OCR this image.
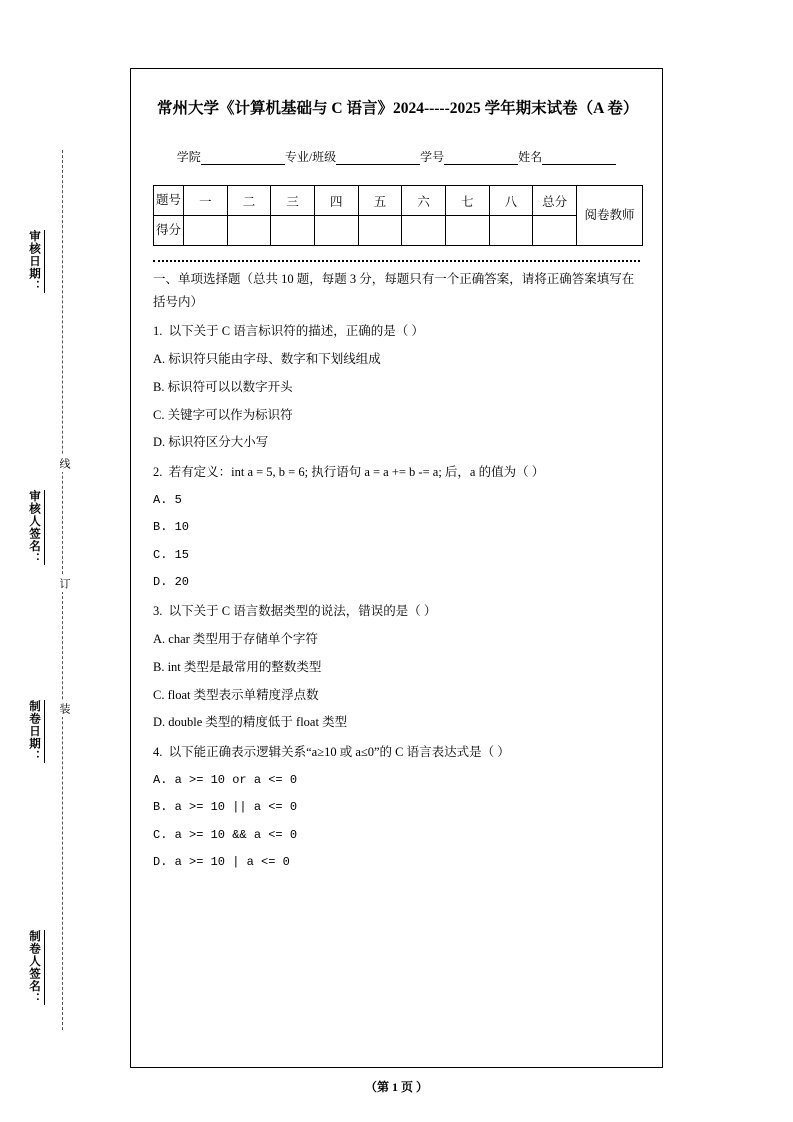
审核日期：
审核人签名：
制卷日期：
制卷人签名：
线
订
装
常州大学《计算机基础与 C 语言》2024-----2025 学年期末试卷（A 卷）
学院	专业/班级	学号	姓名
题号	一	二	三	四	五	六	七	八	总分	阅卷教师
得分										
一、单项选择题（总共 10 题，每题 3 分，每题只有一个正确答案，请将正确答案填写在括号内）
1. 以下关于 C 语言标识符的描述，正确的是（ ）
A. 标识符只能由字母、数字和下划线组成
B. 标识符可以以数字开头
C. 关键字可以作为标识符
D. 标识符区分大小写
2. 若有定义：int a = 5, b = 6; 执行语句 a = a += b -= a; 后，a 的值为（ ）
A. 5
B. 10
C. 15
D. 20
3. 以下关于 C 语言数据类型的说法，错误的是（ ）
A. char 类型用于存储单个字符
B. int 类型是最常用的整数类型
C. float 类型表示单精度浮点数
D. double 类型的精度低于 float 类型
4. 以下能正确表示逻辑关系“a≥10 或 a≤0”的 C 语言表达式是（ ）
A. a >= 10 or a <= 0
B. a >= 10 || a <= 0
C. a >= 10 && a <= 0
D. a >= 10 | a <= 0
（第 1 页 ）
